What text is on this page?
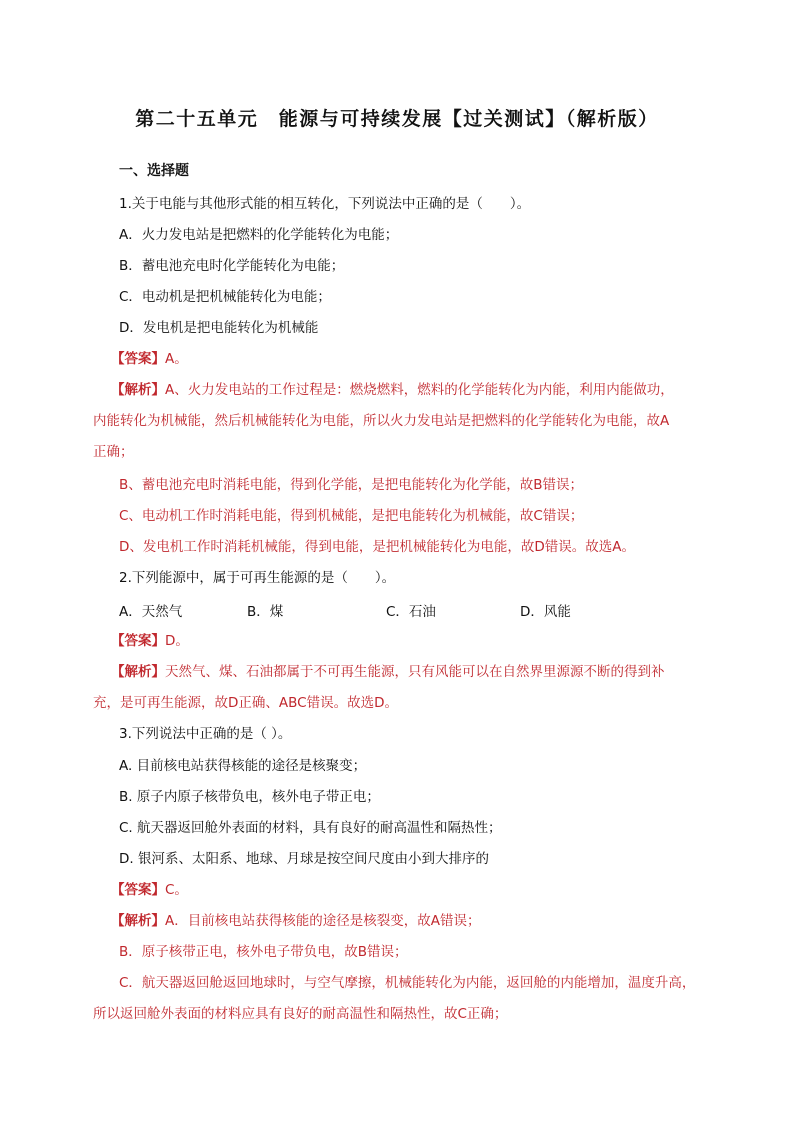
第二十五单元　能源与可持续发展【过关测试】（解析版）
一、选择题
1.关于电能与其他形式能的相互转化，下列说法中正确的是（　　）。
A．火力发电站是把燃料的化学能转化为电能；
B．蓄电池充电时化学能转化为电能；
C．电动机是把机械能转化为电能；
D．发电机是把电能转化为机械能
【答案】A。
【解析】A、火力发电站的工作过程是：燃烧燃料，燃料的化学能转化为内能，利用内能做功，
内能转化为机械能，然后机械能转化为电能，所以火力发电站是把燃料的化学能转化为电能，故A
正确；
B、蓄电池充电时消耗电能，得到化学能，是把电能转化为化学能，故B错误；
C、电动机工作时消耗电能，得到机械能，是把电能转化为机械能，故C错误；
D、发电机工作时消耗机械能，得到电能，是把机械能转化为电能，故D错误。故选A。
2.下列能源中，属于可再生能源的是（　　）。
A．天然气	B．煤	C．石油	D．风能
【答案】D。
【解析】天然气、煤、石油都属于不可再生能源，只有风能可以在自然界里源源不断的得到补
充，是可再生能源，故D正确、ABC错误。故选D。
3.下列说法中正确的是（ ）。
A. 目前核电站获得核能的途径是核聚变；
B. 原子内原子核带负电，核外电子带正电；
C. 航天器返回舱外表面的材料，具有良好的耐高温性和隔热性；
D. 银河系、太阳系、地球、月球是按空间尺度由小到大排序的
【答案】C。
【解析】A．目前核电站获得核能的途径是核裂变，故A错误；
B．原子核带正电，核外电子带负电，故B错误；
C．航天器返回舱返回地球时，与空气摩擦，机械能转化为内能，返回舱的内能增加，温度升高，
所以返回舱外表面的材料应具有良好的耐高温性和隔热性，故C正确；
